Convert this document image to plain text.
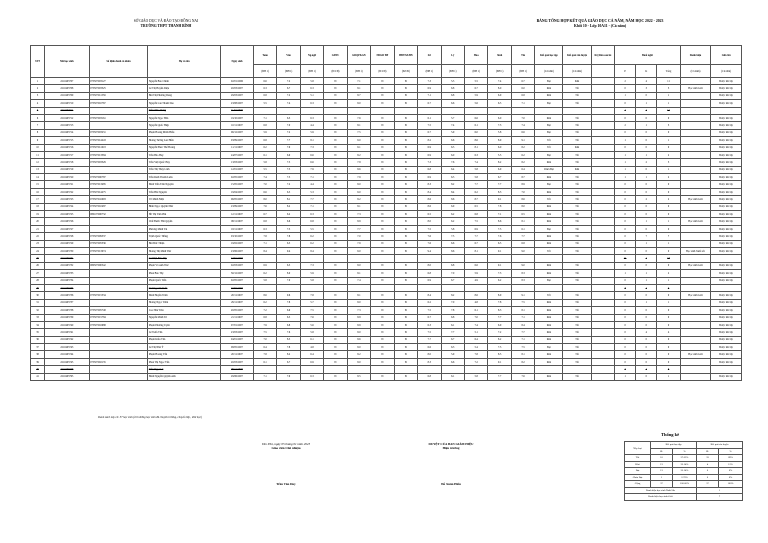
SỞ GIÁO DỤC VÀ ĐÀO TẠO ĐỒNG NAI
TRƯỜNG THPT THANH BÌNH
BẢNG TỔNG HỢP KẾT QUẢ GIÁO DỤC CẢ NĂM, NĂM HỌC 2022 - 2023
Khối 10 - Lớp 10A11 - (Cả năm)
STT	Mã học sinh	Số định danh cá nhân	Họ và tên	Ngày sinh	Toán	Văn	Ng.ngữ	GDTC	GDQP&AN	NDGD ĐP	HĐTN&HN	Sử	Lý	Hóa	Sinh	Tin	Kết quả học tập	Kết quả rèn luyện	KQ Rèn sau hè	Buổi nghỉ			Danh hiệu	Ghi chú
					(ĐH 1)	(ĐH 1)	(ĐH 1)	(Đ/CĐ)	(ĐH 1)	(Đ/CĐ)	(Đ/CĐ)	(ĐH 1)	(ĐH 1)	(ĐH 1)	(ĐH 1)	(ĐH 1)	(Cả năm)	(Cả năm)		P	K	Tổng	(Cả năm)	(Cả năm)
1	2210403707	075307003127	Nguyễn Bảo Chinh	02/01/2006	6.6	7.2	5.8	Đ	7.1	Đ	Đ	7.3	5.5	5.5	7.4	6.7	Đạt	Khá		2	4	11		Được lên lớp
2	2210403708	075307003325	Lê Thị Huyền Diệu	20/03/2007	6.3	6.7	6.3	Đ	8.1	Đ	Đ	6.9	6.8	6.7	8.0	6.0	Khá	Tốt		0	3	3	Học sinh Giỏi	Được lên lớp
3	2210403709	075307011536	Bùi Thị Phương Dung	29/03/2007	6.8	7.2	5.1	Đ	8.7	Đ	Đ	7.1	6.8	5.9	6.9	6.8	Khá	Tốt		1	0	1		Được lên lớp
4	2210403710	075307010767	Nguyễn Lan Thanh Dao	23/08/2007	5.5	7.4	6.3	Đ	8.0	Đ	Đ	6.7	6.6	5.6	6.5	7.1	Đạt	Tốt		0	1	1		Được lên lớp
5	2210403711		Trần Thảo Dung	11/01/2007																1	1	11		
6	2210403712	075307003161	Nguyễn Ngọc Hân	19/10/2007	7.1	6.3	6.3	Đ	7.6	Đ	Đ	6.1	5.7	6.6	6.0	7.0	Khá	Tốt		0	0	0		Được lên lớp
7	2210403713		Nguyễn Quốc Hiệp	10/11/2007	6.8	7.0	4.4	Đ	8.1	Đ	Đ	7.5	7.4	6.1	7.3	7.4	Đạt	Tốt		2	1	3		Được lên lớp
8	2210403714	075307003231	Phạm Hoàng Minh Hiếu	06/12/2007	5.9	7.2	5.9	Đ	7.5	Đ	Đ	6.7	5.9	6.0	5.8	6.6	Đạt	Tốt		0	0	0		Được lên lớp
9	2210403715	075307014243	Hoàng Tường Lan Hiền	03/09/2007	6.8	7.7	8.1	Đ	9.0	Đ	Đ	8.2	6.6	8.6	8.9	9.1	Tốt	Tốt		1	0	1		Được lên lớp
10	2210403716	075307011618	Nguyễn Phúc Thế Hoàng	11/11/2007	6.2	7.9	7.3	Đ	9.1	Đ	Đ	6.9	6.5	8.1	6.0	8.2	Tốt	Khá		0	0	0		Được lên lớp
11	2210403717	075307013384	Trần Bảo Huy	24/07/2007	6.1	6.9	6.6	Đ	8.2	Đ	Đ	6.9	6.0	6.3	5.5	6.2	Đạt	Tốt		1	1	2		Được lên lớp
12	2210403718	075307003329	Trần Việt Quốc Huy	13/03/2007	5.8	7.5	6.6	Đ	7.8	Đ	Đ	7.3	7.6	7.4	8.2	8.2	Khá	Tốt		1	2	3		Được lên lớp
13	2210403719		Trần Thị Thúy Linh	12/01/2007	5.5	7.5	7.9	Đ	8.6	Đ	Đ	6.8	6.4	5.8	6.9	6.4	Chưa Đạt	Khá		1	0	1		Được lên lớp
14	2210403720	075307000787	Trần Ruth Thanh Luân	02/05/2007	7.4	7.5	7.1	Đ	7.9	Đ	Đ	6.9	6.5	5.8	6.7	8.7	Khá	Tốt		1	1	2		Được lên lớp
15	2210403721	075307013485	Đinh Trần Tâm Nguyên	15/05/2007	7.0	7.2	4.4	Đ	8.0	Đ	Đ	8.3	8.2	7.7	7.7	8.9	Đạt	Tốt		0	0	0		Được lên lớp
16	2210403722	075307014275	Trần Hải Nguyên	19/04/2007	6.6	6.5	5.3	Đ	9.0	Đ	Đ	8.4	8.4	6.2	8.3	7.0	Khá	Tốt		0	0	0		Được lên lớp
17	2210403723	075307041093	Võ Minh Nhật	06/05/2007	8.0	8.1	7.7	Đ	8.2	Đ	Đ	8.6	8.6	8.7	9.1	8.6	Tốt	Tốt		0	2	2	Học sinh Giỏi	Được lên lớp
18	2210403724	075307010487	Bình Ngọc Quỳnh Như	23/09/2007	7.6	8.2	7.1	Đ	8.1	Đ	Đ	8.6	6.9	6.5	7.8	8.0	Khá	Tốt		0	0	0		Được lên lớp
19	2210403725	080107000732	Hồ Thị Tâm Phú	12/11/2007	6.7	6.2	6.3	Đ	7.3	Đ	Đ	6.5	6.2	6.8	7.1	6.5	Khá	Tốt		0	0	0		Được lên lớp
20	2210403726		Chế Phước Hải Quyền	08/11/2007	6.8	6.6	6.8	Đ	8.9	Đ	Đ	8.0	6.2	7.5	8.6	8.1	Khá	Tốt		0	1	1	Học sinh Giỏi	Được lên lớp
21	2210403727		Phương Minh Tài	18/11/2007	6.3	7.5	5.5	Đ	7.7	Đ	Đ	7.5	5.8	6.9	7.5	6.1	Đạt	Tốt		0	0	0		Được lên lớp
22	2210403728	075307009337	Trịnh Quốc Thắng	03/10/2007	7.8	7.8	6.2	Đ	7.0	Đ	Đ	7.6	7.5	7.7	7.6	7.7	Khá	Tốt		0	7	7		Được lên lớp
23	2210403729	075307005336	Bùi Đức Thiện	19/02/2007	7.1	6.5	6.2	Đ	7.9	Đ	Đ	7.6	6.6	6.7	6.5	6.8	Khá	Tốt		0	1	1		Được lên lớp
24	2210403730	075307013074	Hoàng Thị Minh Thư	23/06/2007	8.4	9.4	8.4	Đ	9.0	Đ	Đ	9.4	8.6	8.1	9.1	9.0	Tốt	Tốt		0	0	0	Học sinh Xuất sắc	Được lên lớp
25	2210403731		Lê Nhật Bảo Thy	13/01/2007																11	1	13		
26	2210403732	080307000542	Phạm Võ Anh Thư	02/03/2007	6.9	6.5	7.3	Đ	8.0	Đ	Đ	8.0	6.8	6.6	9.1	9.0	Khá	Tốt		0	0	0	Học sinh Giỏi	Được lên lớp
27	2210403733		Phan Bảo Thy	30/12/2007	6.2	8.0	5.9	Đ	8.1	Đ	Đ	6.8	7.0	5.9	7.3	8.3	Khá	Tốt		1	1	2		Được lên lớp
28	2210403734		Phạm Quốc Tiến	02/05/2007	5.8	7.0	5.8	Đ	7.4	Đ	Đ	6.9	6.7	4.9	6.2	8.3	Đạt	Tốt		0	1	1		Được lên lớp
29	2210403735		Trương Anh Tuấn	10/02/2007																3	1	4		
30	2210403736	075307015334	Đinh Huyền Trâm	20/11/2007	8.6	9.6	7.8	Đ	8.1	Đ	Đ	8.4	8.2	8.6	8.9	9.1	Tốt	Tốt		0	0	0	Học sinh Giỏi	Được lên lớp
31	2210403737		Hoàng Ngọc Trâm	29/11/2007	6.2	7.8	5.7	Đ	8.0	Đ	Đ	6.2	7.0	4.8	7.8	7.5	Khá	Tốt		0	1	1		Được lên lớp
32	2210403738	075307005748	Cao Như Trân	20/05/2007	7.2	6.9	7.5	Đ	7.3	Đ	Đ	7.5	7.8	6.1	8.3	8.1	Khá	Tốt		0	0	0		Được lên lớp
33	2210403739	075307015784	Nguyễn Minh Trí	21/11/2007	6.8	6.5	7.6	Đ	8.8	Đ	Đ	6.7	6.8	7.0	7.7	7.1	Khá	Tốt		0	0	0		Được lên lớp
34	2210403740	075307016988	Phạm Phương Uyên	07/01/2007	7.9	6.8	5.6	Đ	8.9	Đ	Đ	6.3	6.1	7.4	6.9	8.4	Khá	Tốt		0	0	0		Được lên lớp
35	2210403741		Lê Tuấn Văn	23/03/2007	7.5	7.6	5.8	Đ	8.0	Đ	Đ	7.5	7.7	5.1	7.2	7.7	Khá	Tốt		0	4	4		Được lên lớp
36	2210403742		Phạm Kiều Vân	04/01/2007	7.0	8.5	6.1	Đ	8.6	Đ	Đ	7.7	6.7	6.4	8.2	7.1	Khá	Tốt		0	0	0		Được lên lớp
37	2210403743		Lê Thị Như Ý	08/05/2007	6.4	7.8	4.8	Đ	8.0	Đ	Đ	6.6	6.3	5.4	7.5	7.5	Đạt	Tốt		0	0	0		Được lên lớp
38	2210403744		Phạm Hoàng Yến	20/11/2007	7.8	8.2	6.4	Đ	8.2	Đ	Đ	8.0	5.9	7.8	8.5	8.1	Khá	Tốt		0	0	0	Học sinh Giỏi	Được lên lớp
39	2210403745	075307002135	Phan Thị Ngọc Yến	20/03/2007	6.1	6.7	6.9	Đ	8.0	Đ	Đ	8.3	6.6	7.2	9.1	8.2	Khá	Tốt		0	0	0		Được lên lớp
40	2210403746		Trần Ngọc Lê	08/11/2007																2	1	3		
41	2210403795		Đinh Nguyễn Quỳnh Anh	29/06/2007	7.1	7.9	6.3	Đ	8.5	Đ	Đ	6.8	6.1	5.8	7.7	7.6	Khá	Tốt		1	0	1		Được lên lớp
Danh sách này có: 37 học sinh (chỉ những học sinh đủ chuyên trường, chuyển lớp , thôi học)
Thống kê
Xếp loại	Kết quả học tập		Kết quả rèn luyện	
	SL	%	SL	%
Tốt	10	27.03%	33	89%
Khá	13	35.14%	4	11%
Đạt	13	35.14%	0	0%
Chưa Đạt	1	2.70%	0	0%
Cộng	37	100.00%	37	100%
Danh hiệu học sinh Xuất Sắc			1	
Danh hiệu học sinh Giỏi			7	
Tân Phú, ngày 05 tháng 01 năm 2023
Giáo viên Chủ nhiệm
Trần Văn Duy
DUYỆT CỦA BAN GIÁM HIỆU
Hiệu trưởng
Đỗ Xuân Hiếu
